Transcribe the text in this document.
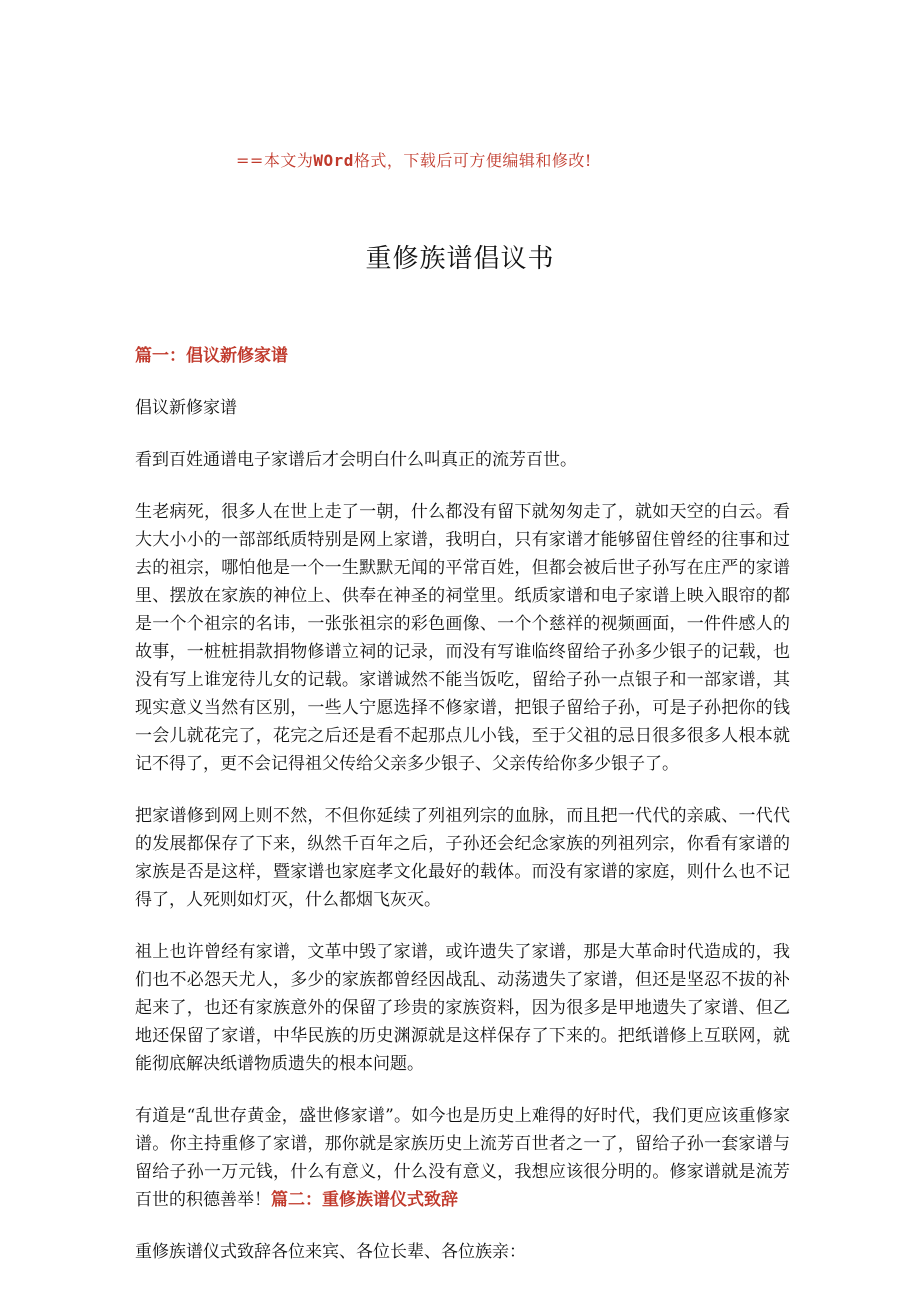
==本文为WOrd格式，下载后可方便编辑和修改!
重修族谱倡议书
篇一：倡议新修家谱

倡议新修家谱

看到百姓通谱电子家谱后才会明白什么叫真正的流芳百世。

生老病死，很多人在世上走了一朝，什么都没有留下就匆匆走了，就如天空的白云。看大大小小的一部部纸质特别是网上家谱，我明白，只有家谱才能够留住曾经的往事和过去的祖宗，哪怕他是一个一生默默无闻的平常百姓，但都会被后世子孙写在庄严的家谱里、摆放在家族的神位上、供奉在神圣的祠堂里。纸质家谱和电子家谱上映入眼帘的都是一个个祖宗的名讳，一张张祖宗的彩色画像、一个个慈祥的视频画面，一件件感人的故事，一桩桩捐款捐物修谱立祠的记录，而没有写谁临终留给子孙多少银子的记载，也没有写上谁宠待儿女的记载。家谱诚然不能当饭吃，留给子孙一点银子和一部家谱，其现实意义当然有区别，一些人宁愿选择不修家谱，把银子留给子孙，可是子孙把你的钱一会儿就花完了，花完之后还是看不起那点儿小钱，至于父祖的忌日很多很多人根本就记不得了，更不会记得祖父传给父亲多少银子、父亲传给你多少银子了。

把家谱修到网上则不然，不但你延续了列祖列宗的血脉，而且把一代代的亲戚、一代代的发展都保存了下来，纵然千百年之后，子孙还会纪念家族的列祖列宗，你看有家谱的家族是否是这样，暨家谱也家庭孝文化最好的载体。而没有家谱的家庭，则什么也不记得了，人死则如灯灭，什么都烟飞灰灭。

祖上也许曾经有家谱，文革中毁了家谱，或许遗失了家谱，那是大革命时代造成的，我们也不必怨天尤人，多少的家族都曾经因战乱、动荡遗失了家谱，但还是坚忍不拔的补起来了，也还有家族意外的保留了珍贵的家族资料，因为很多是甲地遗失了家谱、但乙地还保留了家谱，中华民族的历史渊源就是这样保存了下来的。把纸谱修上互联网，就能彻底解决纸谱物质遗失的根本问题。

有道是“乱世存黄金，盛世修家谱”。如今也是历史上难得的好时代，我们更应该重修家谱。你主持重修了家谱，那你就是家族历史上流芳百世者之一了，留给子孙一套家谱与留给子孙一万元钱，什么有意义，什么没有意义，我想应该很分明的。修家谱就是流芳百世的积德善举！篇二：重修族谱仪式致辞

重修族谱仪式致辞各位来宾、各位长辈、各位族亲：
